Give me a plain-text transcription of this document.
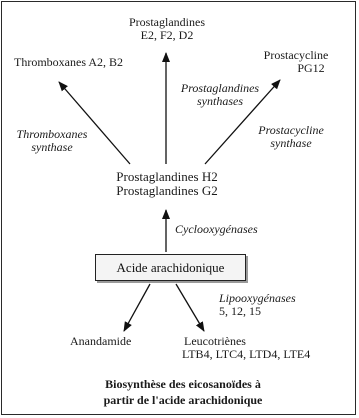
Prostaglandines
E2, F2, D2
Thromboxanes A2, B2	Prostacycline
PG12
Thromboxanes
synthase
Prostaglandines
synthases
Prostacycline
synthase
Prostaglandines H2
Prostaglandines G2
Cyclooxygénases
Acide arachidonique
Lipooxygénases
5, 12, 15
Anandamide	Leucotriènes
LTB4, LTC4, LTD4, LTE4
Biosynthèse des eicosanoïdes à
partir de l'acide arachidonique
